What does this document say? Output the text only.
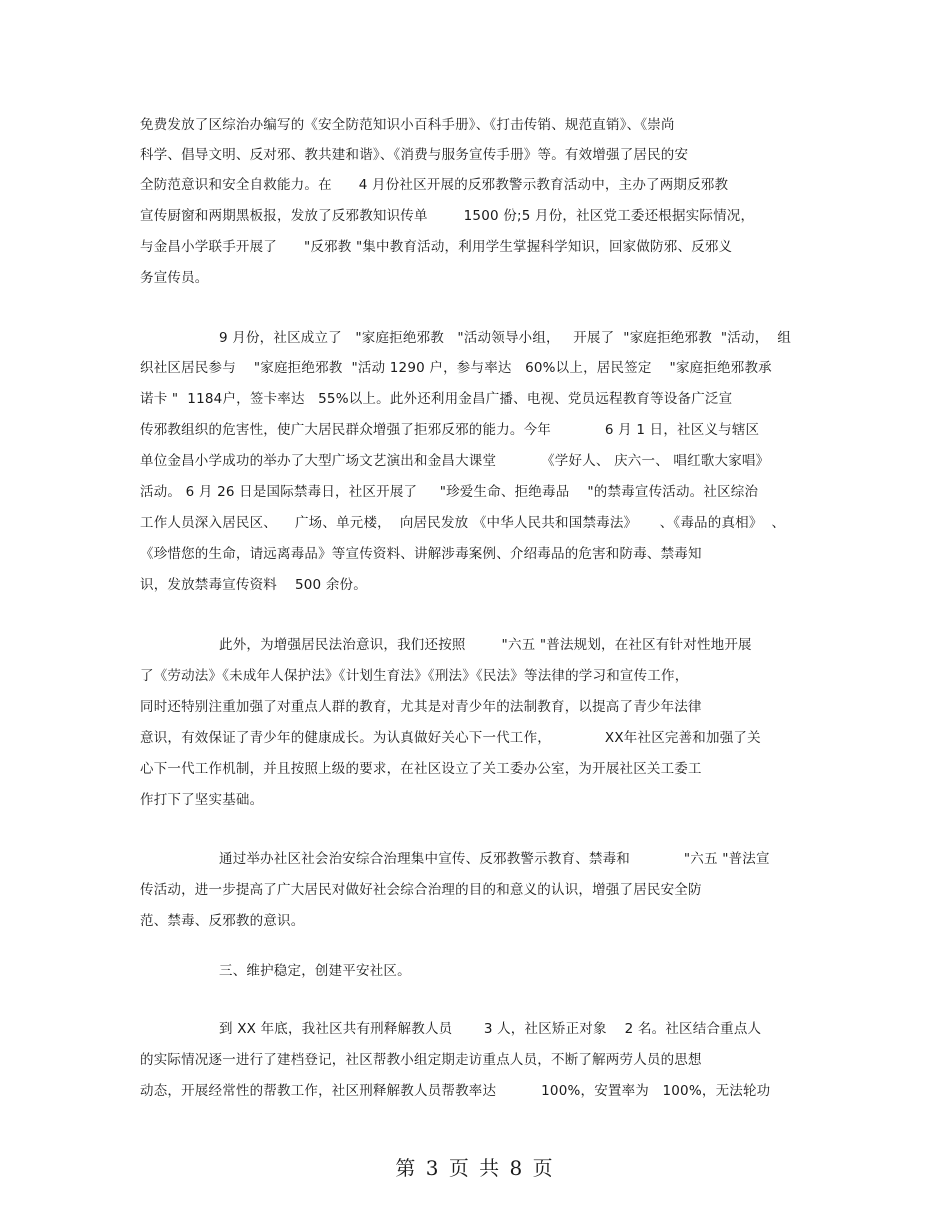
免费发放了区综治办编写的《安全防范知识小百科手册》、《打击传销、规范直销》、《崇尚
科学、倡导文明、反对邪、教共建和谐》、《消费与服务宣传手册》等。有效增强了居民的安
全防范意识和安全自救能力。在      4 月份社区开展的反邪教警示教育活动中，主办了两期反邪教
宣传厨窗和两期黑板报，发放了反邪教知识传单        1500 份;5 月份，社区党工委还根据实际情况，
与金昌小学联手开展了      "反邪教 "集中教育活动，利用学生掌握科学知识，回家做防邪、反邪义
务宣传员。
9 月份，社区成立了   "家庭拒绝邪教   "活动领导小组，   开展了  "家庭拒绝邪教  "活动，  组
织社区居民参与    "家庭拒绝邪教  "活动 1290 户，参与率达   60%以上，居民签定    "家庭拒绝邪教承
诺卡 "  1184户，签卡率达   55%以上。此外还利用金昌广播、电视、党员远程教育等设备广泛宣
传邪教组织的危害性，使广大居民群众增强了拒邪反邪的能力。今年            6 月 1 日，社区义与辖区
单位金昌小学成功的举办了大型广场文艺演出和金昌大课堂          《学好人、 庆六一、 唱红歌大家唱》
活动。 6 月 26 日是国际禁毒日，社区开展了     "珍爱生命、拒绝毒品    "的禁毒宣传活动。社区综治
工作人员深入居民区、    广场、单元楼，  向居民发放 《中华人民共和国禁毒法》     、《毒品的真相》  、
《珍惜您的生命，请远离毒品》等宣传资料、讲解涉毒案例、介绍毒品的危害和防毒、禁毒知
识，发放禁毒宣传资料    500 余份。
此外，为增强居民法治意识，我们还按照        "六五 "普法规划，在社区有针对性地开展
了《劳动法》《未成年人保护法》《计划生育法》《刑法》《民法》等法律的学习和宣传工作，
同时还特别注重加强了对重点人群的教育，尤其是对青少年的法制教育，以提高了青少年法律
意识，有效保证了青少年的健康成长。为认真做好关心下一代工作，            XX年社区完善和加强了关
心下一代工作机制，并且按照上级的要求，在社区设立了关工委办公室，为开展社区关工委工
作打下了坚实基础。
通过举办社区社会治安综合治理集中宣传、反邪教警示教育、禁毒和            "六五 "普法宣
传活动，进一步提高了广大居民对做好社会综合治理的目的和意义的认识，增强了居民安全防
范、禁毒、反邪教的意识。
三、维护稳定，创建平安社区。
到 XX 年底，我社区共有刑释解教人员       3 人，社区矫正对象    2 名。社区结合重点人
的实际情况逐一进行了建档登记，社区帮教小组定期走访重点人员，不断了解两劳人员的思想
动态，开展经常性的帮教工作，社区刑释解教人员帮教率达          100%，安置率为   100%，无法轮功
第 3 页 共 8 页
